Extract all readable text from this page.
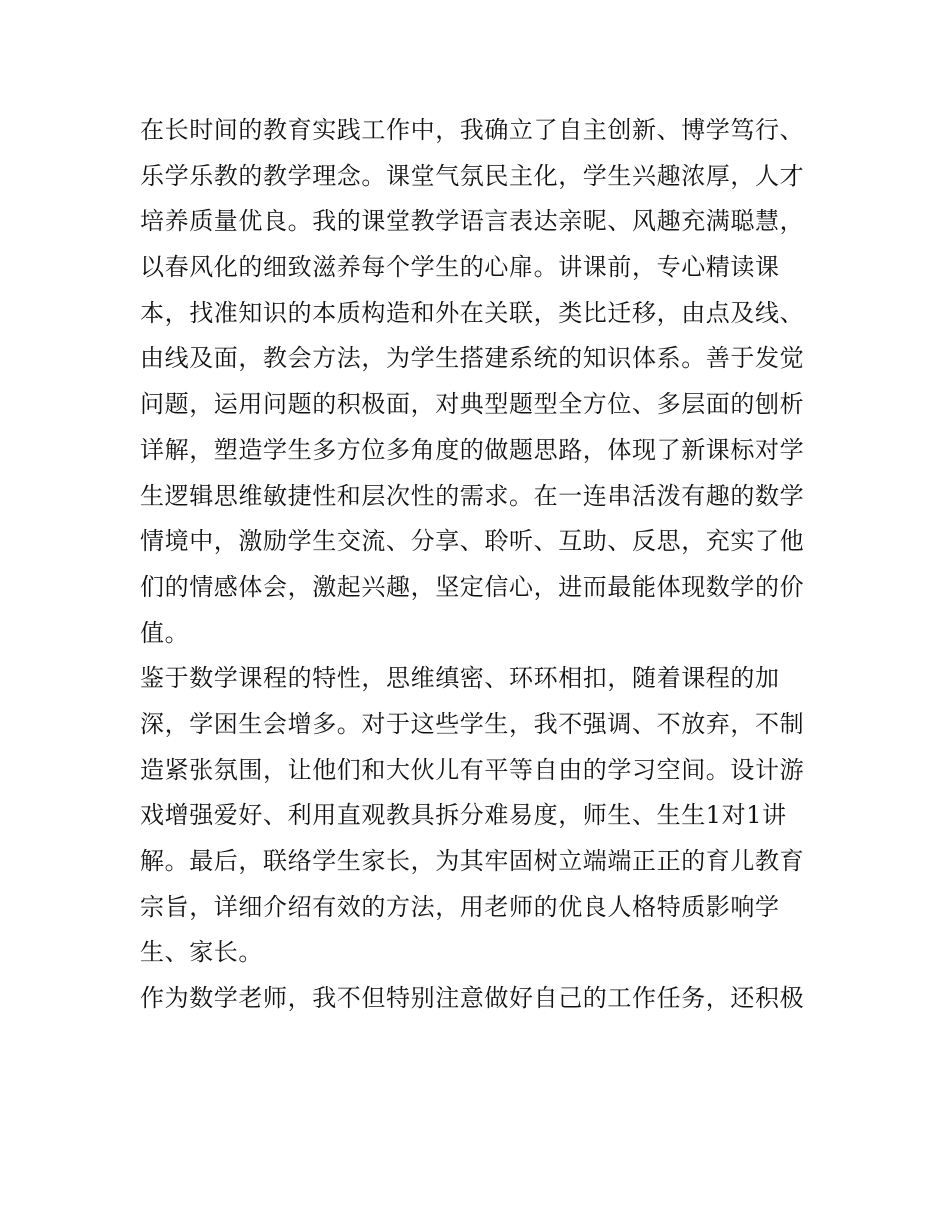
在长时间的教育实践工作中，我确立了自主创新、博学笃行、
乐学乐教的教学理念。课堂气氛民主化，学生兴趣浓厚，人才
培养质量优良。我的课堂教学语言表达亲昵、风趣充满聪慧，
以春风化的细致滋养每个学生的心扉。讲课前，专心精读课
本，找准知识的本质构造和外在关联，类比迁移，由点及线、
由线及面，教会方法，为学生搭建系统的知识体系。善于发觉
问题，运用问题的积极面，对典型题型全方位、多层面的刨析
详解，塑造学生多方位多角度的做题思路，体现了新课标对学
生逻辑思维敏捷性和层次性的需求。在一连串活泼有趣的数学
情境中，激励学生交流、分享、聆听、互助、反思，充实了他
们的情感体会，激起兴趣，坚定信心，进而最能体现数学的价
值。
鉴于数学课程的特性，思维缜密、环环相扣，随着课程的加
深，学困生会增多。对于这些学生，我不强调、不放弃，不制
造紧张氛围，让他们和大伙儿有平等自由的学习空间。设计游
戏增强爱好、利用直观教具拆分难易度，师生、生生1对1讲
解。最后，联络学生家长，为其牢固树立端端正正的育儿教育
宗旨，详细介绍有效的方法，用老师的优良人格特质影响学
生、家长。
作为数学老师，我不但特别注意做好自己的工作任务，还积极
